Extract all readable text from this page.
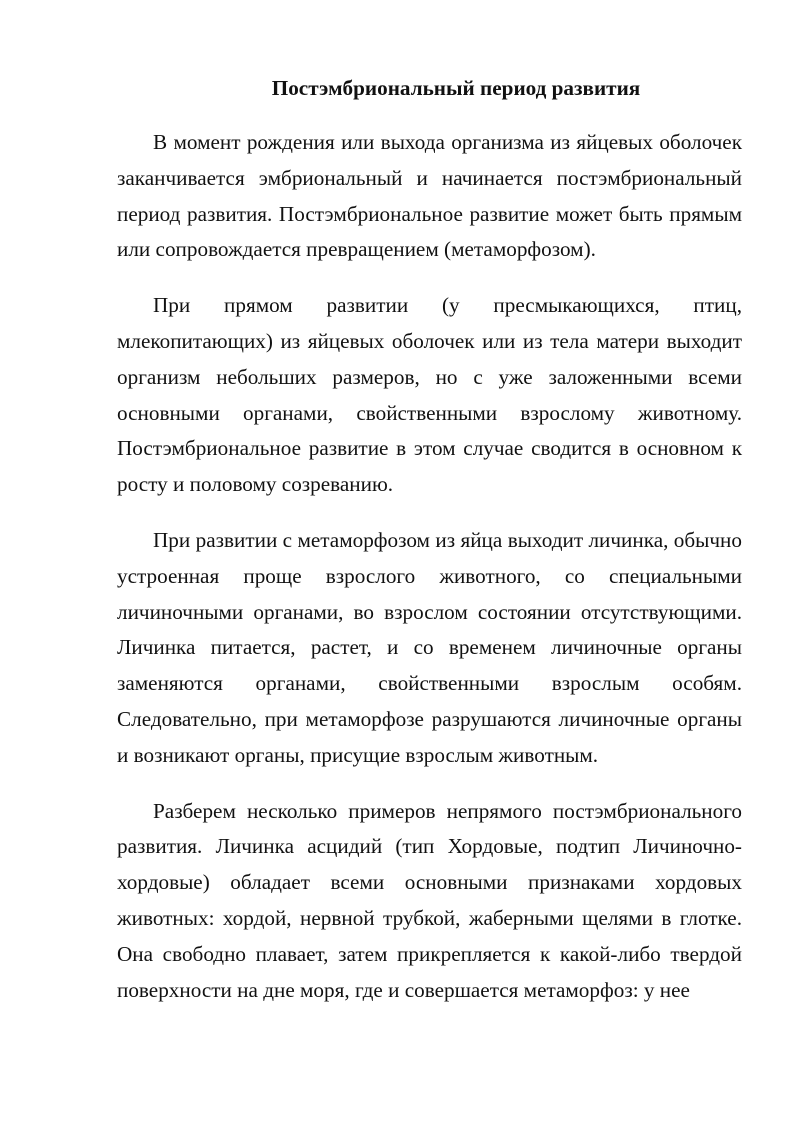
Постэмбриональный период развития

В момент рождения или выхода организма из яйцевых оболочек заканчивается эмбриональный и начинается постэмбриональный период развития. Постэмбриональное развитие может быть прямым или сопровождается превращением (метаморфозом).

При прямом развитии (у пресмыкающихся, птиц, млекопитающих) из яйцевых оболочек или из тела матери выходит организм небольших размеров, но с уже заложенными всеми основными органами, свойственными взрослому животному. Постэмбриональное развитие в этом случае сводится в основном к росту и половому созреванию.

При развитии с метаморфозом из яйца выходит личинка, обычно устроенная проще взрослого животного, со специальными личиночными органами, во взрослом состоянии отсутствующими. Личинка питается, растет, и со временем личиночные органы заменяются органами, свойственными взрослым особям. Следовательно, при метаморфозе разрушаются личиночные органы и возникают органы, присущие взрослым животным.

Разберем несколько примеров непрямого постэмбрионального развития. Личинка асцидий (тип Хордовые, подтип Личиночно-хордовые) обладает всеми основными признаками хордовых животных: хордой, нервной трубкой, жаберными щелями в глотке. Она свободно плавает, затем прикрепляется к какой-либо твердой поверхности на дне моря, где и совершается метаморфоз: у нее
